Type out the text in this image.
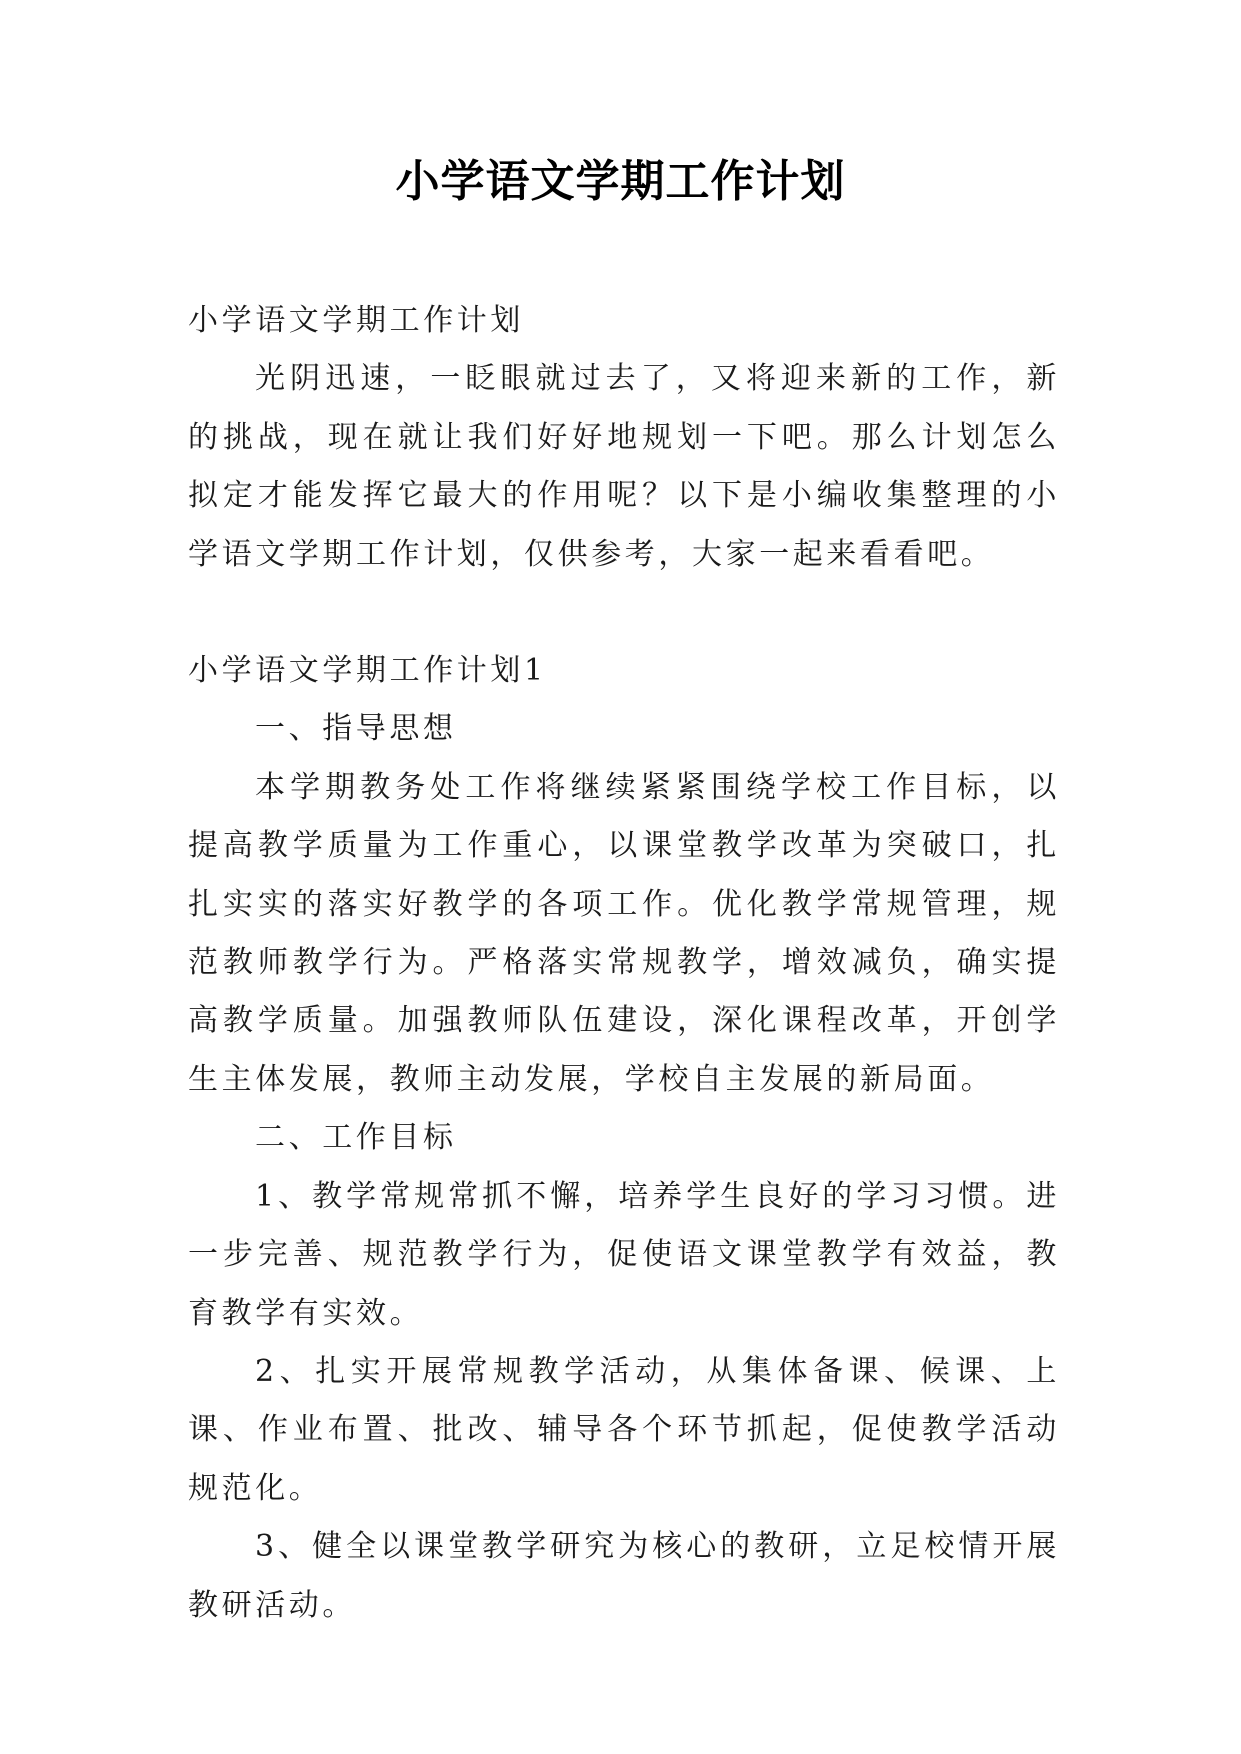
小学语文学期工作计划

小学语文学期工作计划

光阴迅速，一眨眼就过去了，又将迎来新的工作，新的挑战，现在就让我们好好地规划一下吧。那么计划怎么拟定才能发挥它最大的作用呢？以下是小编收集整理的小学语文学期工作计划，仅供参考，大家一起来看看吧。

小学语文学期工作计划1

一、指导思想

本学期教务处工作将继续紧紧围绕学校工作目标，以提高教学质量为工作重心，以课堂教学改革为突破口，扎扎实实的落实好教学的各项工作。优化教学常规管理，规范教师教学行为。严格落实常规教学，增效减负，确实提高教学质量。加强教师队伍建设，深化课程改革，开创学生主体发展，教师主动发展，学校自主发展的新局面。

二、工作目标

1、教学常规常抓不懈，培养学生良好的学习习惯。进一步完善、规范教学行为，促使语文课堂教学有效益，教育教学有实效。

2、扎实开展常规教学活动，从集体备课、候课、上课、作业布置、批改、辅导各个环节抓起，促使教学活动规范化。

3、健全以课堂教学研究为核心的教研，立足校情开展教研活动。
